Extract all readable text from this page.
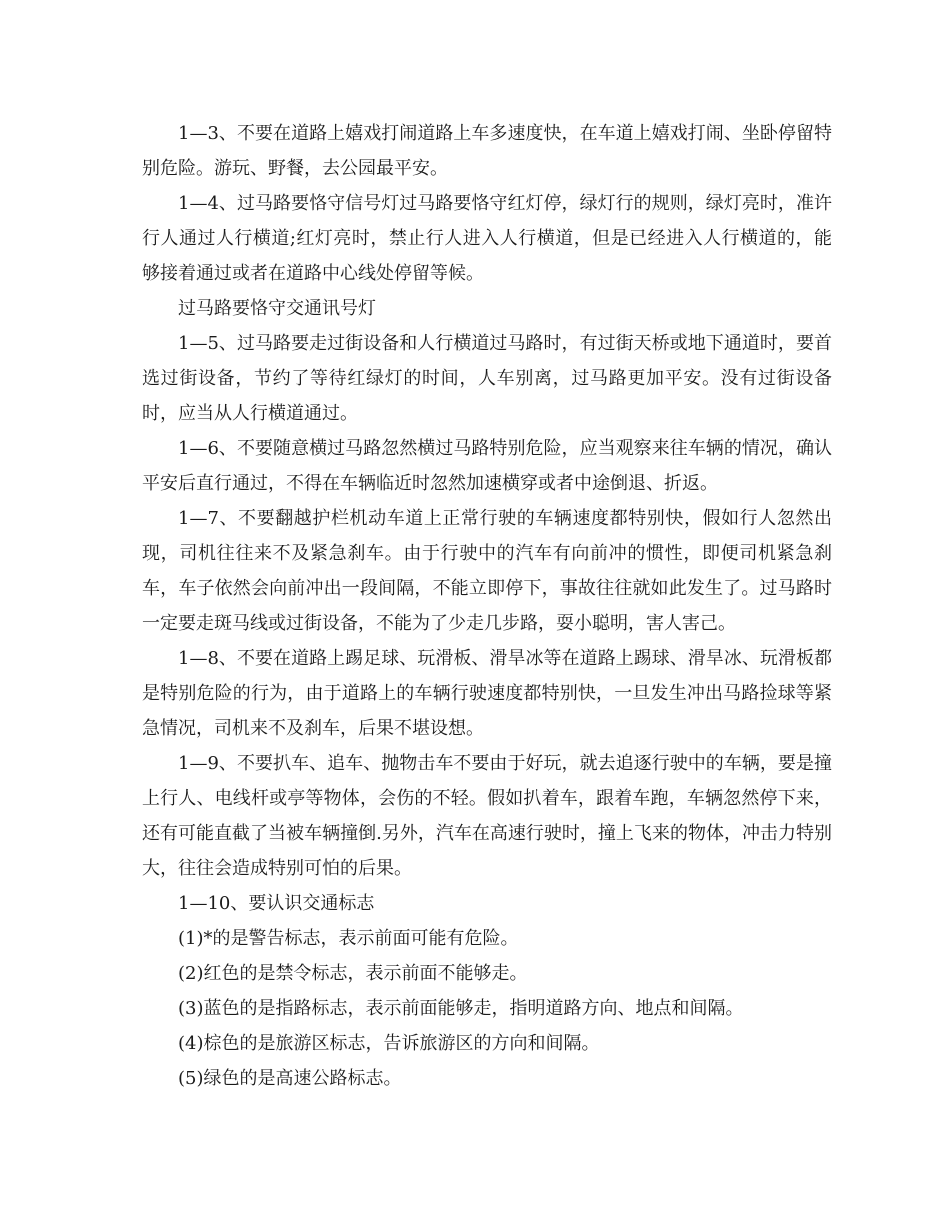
1—3、不要在道路上嬉戏打闹道路上车多速度快，在车道上嬉戏打闹、坐卧停留特别危险。游玩、野餐，去公园最平安。

1—4、过马路要恪守信号灯过马路要恪守红灯停，绿灯行的规则，绿灯亮时，准许行人通过人行横道;红灯亮时，禁止行人进入人行横道，但是已经进入人行横道的，能够接着通过或者在道路中心线处停留等候。

过马路要恪守交通讯号灯

1—5、过马路要走过街设备和人行横道过马路时，有过街天桥或地下通道时，要首选过街设备，节约了等待红绿灯的时间，人车别离，过马路更加平安。没有过街设备时，应当从人行横道通过。

1—6、不要随意横过马路忽然横过马路特别危险，应当观察来往车辆的情况，确认平安后直行通过，不得在车辆临近时忽然加速横穿或者中途倒退、折返。

1—7、不要翻越护栏机动车道上正常行驶的车辆速度都特别快，假如行人忽然出现，司机往往来不及紧急刹车。由于行驶中的汽车有向前冲的惯性，即便司机紧急刹车，车子依然会向前冲出一段间隔，不能立即停下，事故往往就如此发生了。过马路时一定要走斑马线或过街设备，不能为了少走几步路，耍小聪明，害人害己。

1—8、不要在道路上踢足球、玩滑板、滑旱冰等在道路上踢球、滑旱冰、玩滑板都是特别危险的行为，由于道路上的车辆行驶速度都特别快，一旦发生冲出马路捡球等紧急情况，司机来不及刹车，后果不堪设想。

1—9、不要扒车、追车、抛物击车不要由于好玩，就去追逐行驶中的车辆，要是撞上行人、电线杆或亭等物体，会伤的不轻。假如扒着车，跟着车跑，车辆忽然停下来，还有可能直截了当被车辆撞倒.另外，汽车在高速行驶时，撞上飞来的物体，冲击力特别大，往往会造成特别可怕的后果。

1—10、要认识交通标志

(1)*的是警告标志，表示前面可能有危险。

(2)红色的是禁令标志，表示前面不能够走。

(3)蓝色的是指路标志，表示前面能够走，指明道路方向、地点和间隔。

(4)棕色的是旅游区标志，告诉旅游区的方向和间隔。

(5)绿色的是高速公路标志。
